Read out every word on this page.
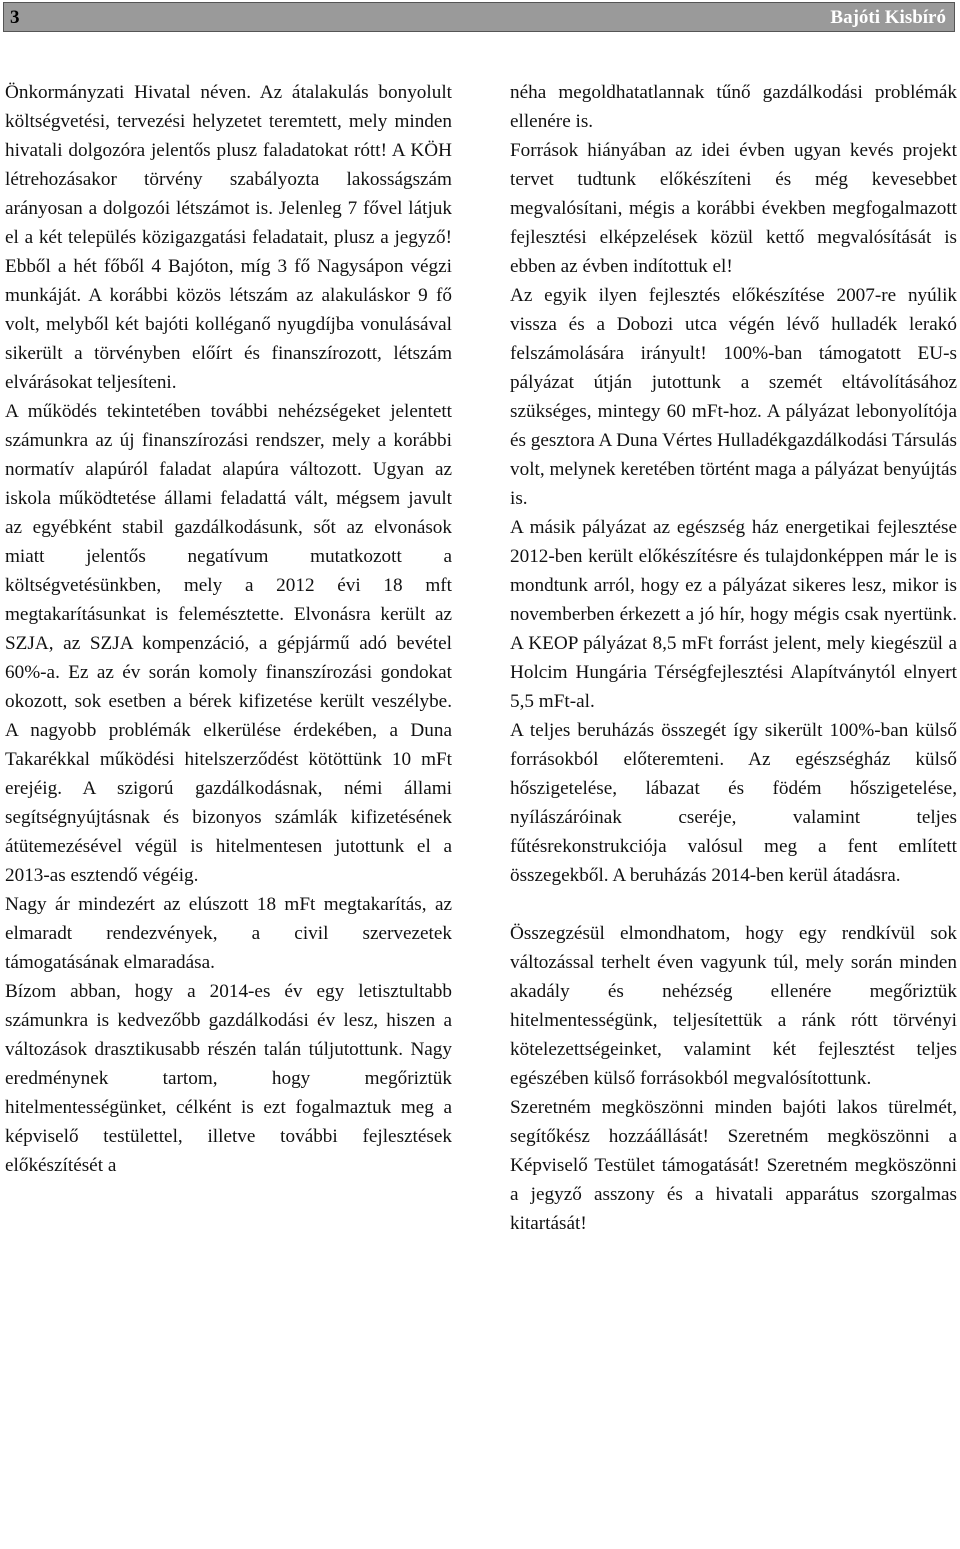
3	Bajóti Kisbíró

Önkormányzati Hivatal néven. Az átalakulás bonyolult költségvetési, tervezési helyzetet teremtett, mely minden hivatali dolgozóra jelentős plusz faladatokat rótt! A KÖH létrehozásakor törvény szabályozta lakosságszám arányosan a dolgozói létszámot is. Jelenleg 7 fővel látjuk el a két település közigazgatási feladatait, plusz a jegyző! Ebből a hét főből 4 Bajóton, míg 3 fő Nagysápon végzi munkáját. A korábbi közös létszám az alakuláskor 9 fő volt, melyből két bajóti kolléganő nyugdíjba vonulásával sikerült a törvényben előírt és finanszírozott, létszám elvárásokat teljesíteni.

A működés tekintetében további nehézségeket jelentett számunkra az új finanszírozási rendszer, mely a korábbi normatív alapúról faladat alapúra változott. Ugyan az iskola működtetése állami feladattá vált, mégsem javult az egyébként stabil gazdálkodásunk, sőt az elvonások miatt jelentős negatívum mutatkozott a költségvetésünkben, mely a 2012 évi 18 mft megtakarításunkat is felemésztette. Elvonásra került az SZJA, az SZJA kompenzáció, a gépjármű adó bevétel 60%-a. Ez az év során komoly finanszírozási gondokat okozott, sok esetben a bérek kifizetése került veszélybe. A nagyobb problémák elkerülése érdekében, a Duna Takarékkal működési hitelszerződést kötöttünk 10 mFt erejéig. A szigorú gazdálkodásnak, némi állami segítségnyújtásnak és bizonyos számlák kifizetésének átütemezésével végül is hitelmentesen jutottunk el a 2013-as esztendő végéig.

Nagy ár mindezért az elúszott 18 mFt megtakarítás, az elmaradt rendezvények, a civil szervezetek támogatásának elmaradása.

Bízom abban, hogy a 2014-es év egy letisztultabb számunkra is kedvezőbb gazdálkodási év lesz, hiszen a változások drasztikusabb részén talán túljutottunk. Nagy eredménynek tartom, hogy megőriztük hitelmentességünket, célként is ezt fogalmaztuk meg a képviselő testülettel, illetve további fejlesztések előkészítését a

néha megoldhatatlannak tűnő gazdálkodási problémák ellenére is.

Források hiányában az idei évben ugyan kevés projekt tervet tudtunk előkészíteni és még kevesebbet megvalósítani, mégis a korábbi években megfogalmazott fejlesztési elképzelések közül kettő megvalósítását is ebben az évben indítottuk el!

Az egyik ilyen fejlesztés előkészítése 2007-re nyúlik vissza és a Dobozi utca végén lévő hulladék lerakó felszámolására irányult! 100%-ban támogatott EU-s pályázat útján jutottunk a szemét eltávolításához szükséges, mintegy 60 mFt-hoz. A pályázat lebonyolítója és gesztora A Duna Vértes Hulladékgazdálkodási Társulás volt, melynek keretében történt maga a pályázat benyújtás is.

A másik pályázat az egészség ház energetikai fejlesztése 2012-ben került előkészítésre és tulajdonképpen már le is mondtunk arról, hogy ez a pályázat sikeres lesz, mikor is novemberben érkezett a jó hír, hogy mégis csak nyertünk. A KEOP pályázat 8,5 mFt forrást jelent, mely kiegészül a Holcim Hungária Térségfejlesztési Alapítványtól elnyert 5,5 mFt-al.

A teljes beruházás összegét így sikerült 100%-ban külső forrásokból előteremteni. Az egészségház külső hőszigetelése, lábazat és födém hőszigetelése, nyílászáróinak cseréje, valamint teljes fűtésrekonstrukciója valósul meg a fent említett összegekből. A beruházás 2014-ben kerül átadásra.

Összegzésül elmondhatom, hogy egy rendkívül sok változással terhelt éven vagyunk túl, mely során minden akadály és nehézség ellenére megőriztük hitelmentességünk, teljesítettük a ránk rótt törvényi kötelezettségeinket, valamint két fejlesztést teljes egészében külső forrásokból megvalósítottunk.

Szeretném megköszönni minden bajóti lakos türelmét, segítőkész hozzáállását! Szeretném megköszönni a Képviselő Testület támogatását! Szeretném megköszönni a jegyző asszony és a hivatali apparátus szorgalmas kitartását!
